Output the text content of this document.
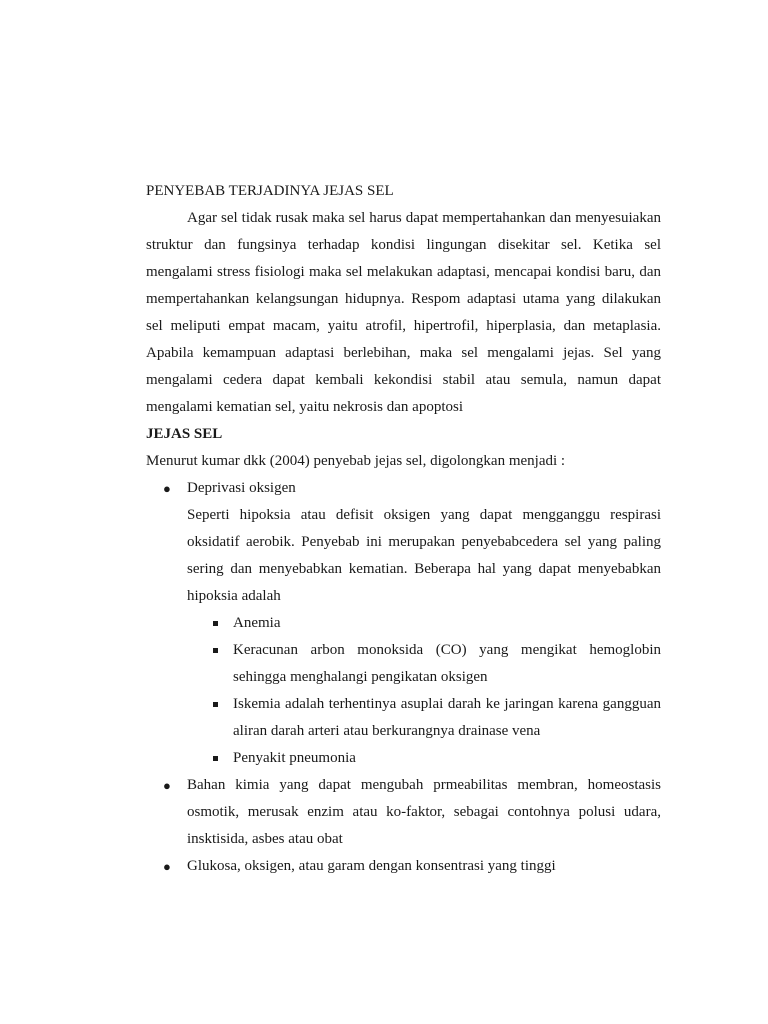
PENYEBAB TERJADINYA JEJAS SEL

Agar sel tidak rusak maka sel harus dapat mempertahankan dan menyesuiakan struktur dan fungsinya terhadap kondisi lingungan disekitar sel. Ketika sel mengalami stress fisiologi maka sel melakukan adaptasi, mencapai kondisi baru, dan mempertahankan kelangsungan hidupnya. Respom adaptasi utama yang dilakukan sel meliputi empat macam, yaitu atrofil, hipertrofil, hiperplasia, dan metaplasia. Apabila kemampuan adaptasi berlebihan, maka sel mengalami jejas. Sel yang mengalami cedera dapat kembali kekondisi stabil atau semula, namun dapat mengalami kematian sel, yaitu nekrosis dan apoptosi

JEJAS SEL

Menurut kumar dkk (2004) penyebab jejas sel, digolongkan menjadi :

● Deprivasi oksigen

Seperti hipoksia atau defisit oksigen yang dapat mengganggu respirasi oksidatif aerobik. Penyebab ini merupakan penyebabcedera sel yang paling sering dan menyebabkan kematian. Beberapa hal yang dapat menyebabkan hipoksia adalah

Anemia
Keracunan arbon monoksida (CO) yang mengikat hemoglobin sehingga menghalangi pengikatan oksigen
Iskemia adalah terhentinya asuplai darah ke jaringan karena gangguan aliran darah arteri atau berkurangnya drainase vena
Penyakit pneumonia
● Bahan kimia yang dapat mengubah prmeabilitas membran, homeostasis osmotik, merusak enzim atau ko-faktor, sebagai contohnya polusi udara, insktisida, asbes atau obat
● Glukosa, oksigen, atau garam dengan konsentrasi yang tinggi
